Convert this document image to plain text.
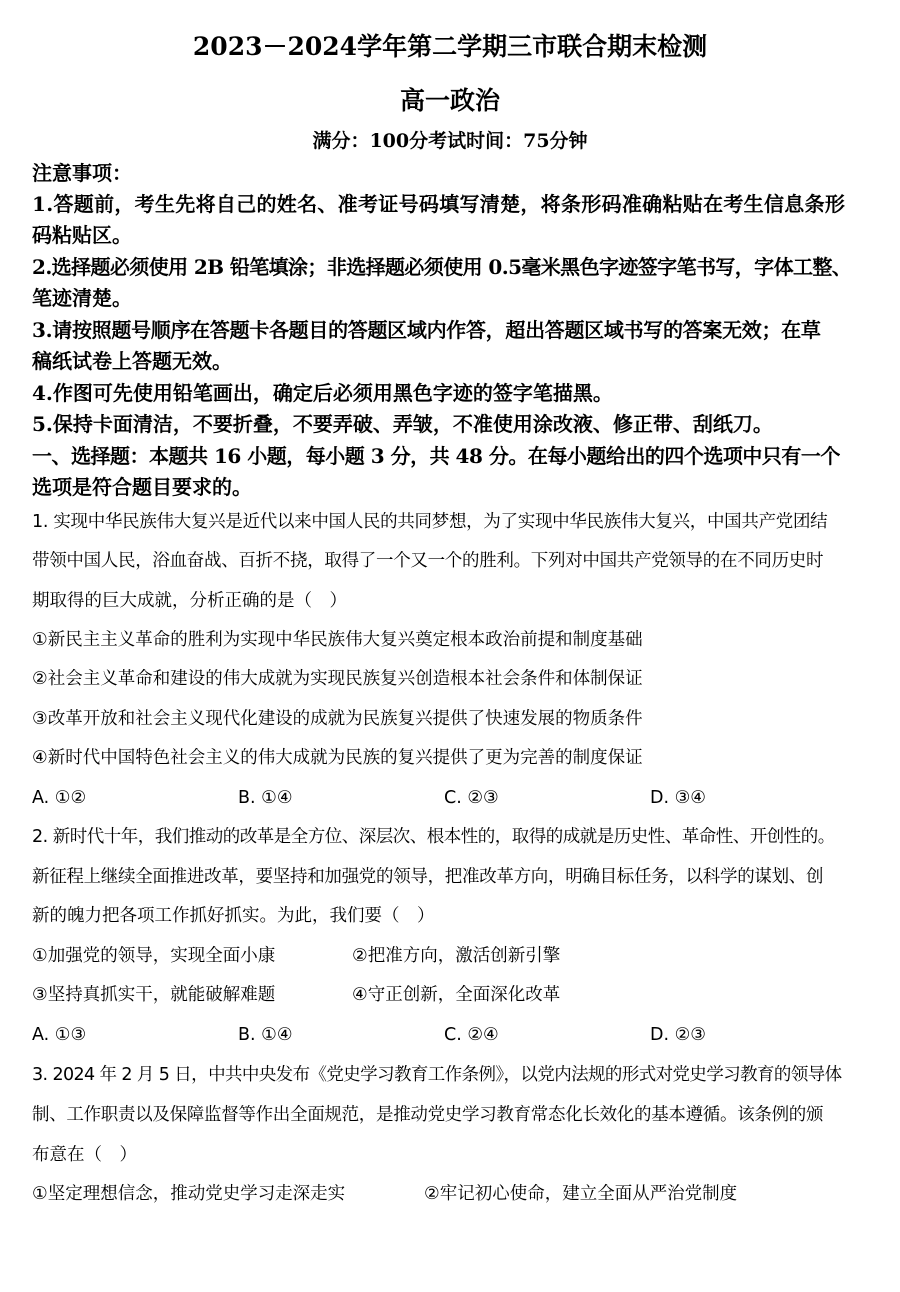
2023－2024学年第二学期三市联合期末检测
高一政治
满分：100分考试时间：75分钟
注意事项：
1.答题前，考生先将自己的姓名、准考证号码填写清楚，将条形码准确粘贴在考生信息条形
码粘贴区。
2.选择题必须使用 2B 铅笔填涂；非选择题必须使用 0.5毫米黑色字迹签字笔书写，字体工整、
笔迹清楚。
3.请按照题号顺序在答题卡各题目的答题区域内作答，超出答题区域书写的答案无效；在草
稿纸试卷上答题无效。
4.作图可先使用铅笔画出，确定后必须用黑色字迹的签字笔描黑。
5.保持卡面清洁，不要折叠，不要弄破、弄皱，不准使用涂改液、修正带、刮纸刀。
一、选择题：本题共 16 小题，每小题 3 分，共 48 分。在每小题给出的四个选项中只有一个
选项是符合题目要求的。
1. 实现中华民族伟大复兴是近代以来中国人民的共同梦想，为了实现中华民族伟大复兴，中国共产党团结
带领中国人民，浴血奋战、百折不挠，取得了一个又一个的胜利。下列对中国共产党领导的在不同历史时
期取得的巨大成就，分析正确的是（　）
①新民主主义革命的胜利为实现中华民族伟大复兴奠定根本政治前提和制度基础
②社会主义革命和建设的伟大成就为实现民族复兴创造根本社会条件和体制保证
③改革开放和社会主义现代化建设的成就为民族复兴提供了快速发展的物质条件
④新时代中国特色社会主义的伟大成就为民族的复兴提供了更为完善的制度保证
A. ①②	B. ①④	C. ②③	D. ③④
2. 新时代十年，我们推动的改革是全方位、深层次、根本性的，取得的成就是历史性、革命性、开创性的。
新征程上继续全面推进改革，要坚持和加强党的领导，把准改革方向，明确目标任务，以科学的谋划、创
新的魄力把各项工作抓好抓实。为此，我们要（　）
①加强党的领导，实现全面小康	②把准方向，激活创新引擎
③坚持真抓实干，就能破解难题	④守正创新，全面深化改革
A. ①③	B. ①④	C. ②④	D. ②③
3. 2024 年 2 月 5 日，中共中央发布《党史学习教育工作条例》，以党内法规的形式对党史学习教育的领导体
制、工作职责以及保障监督等作出全面规范，是推动党史学习教育常态化长效化的基本遵循。该条例的颁
布意在（　）
①坚定理想信念，推动党史学习走深走实	②牢记初心使命，建立全面从严治党制度
